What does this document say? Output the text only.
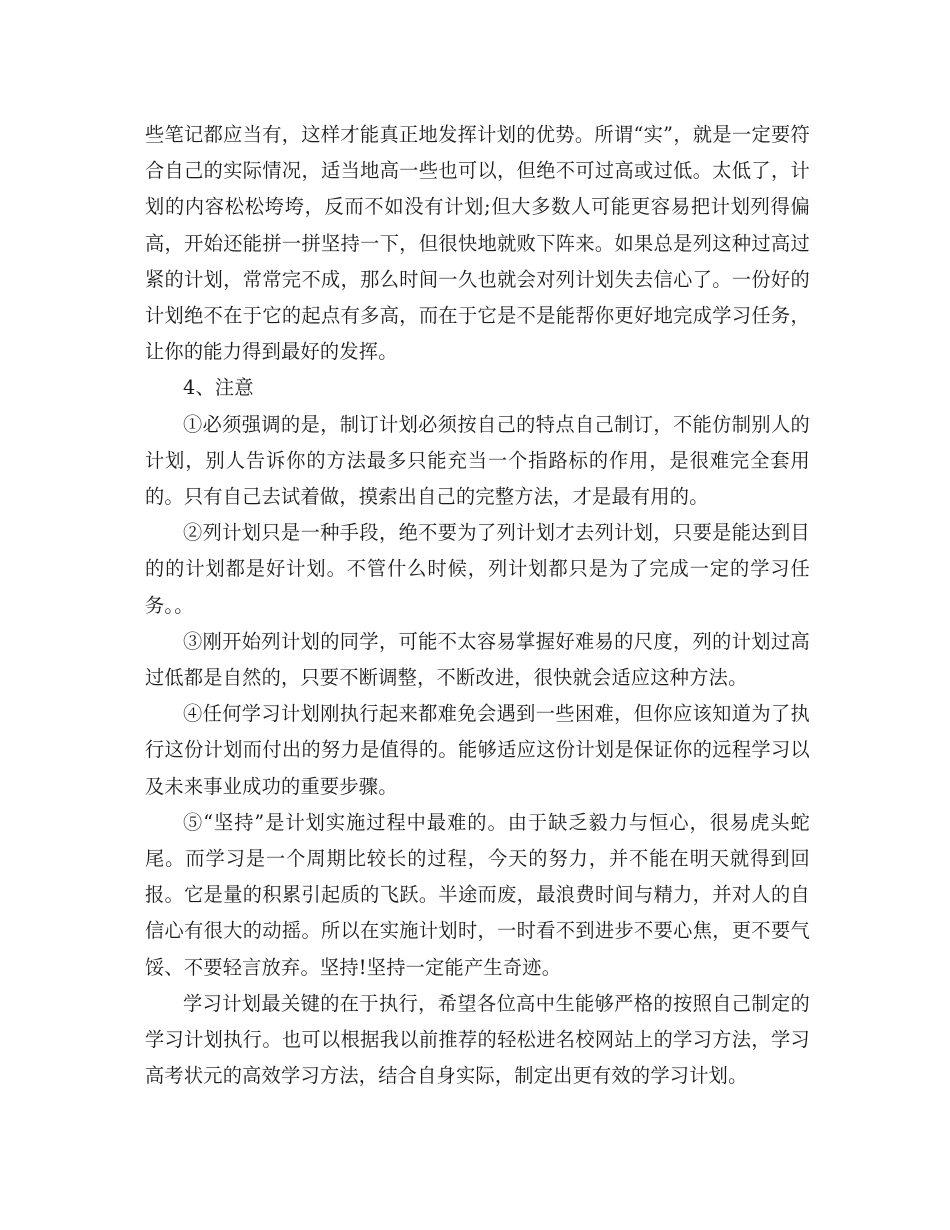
些笔记都应当有，这样才能真正地发挥计划的优势。所谓“实”，就是一定要符合自己的实际情况，适当地高一些也可以，但绝不可过高或过低。太低了，计划的内容松松垮垮，反而不如没有计划;但大多数人可能更容易把计划列得偏高，开始还能拼一拼坚持一下，但很快地就败下阵来。如果总是列这种过高过紧的计划，常常完不成，那么时间一久也就会对列计划失去信心了。一份好的计划绝不在于它的起点有多高，而在于它是不是能帮你更好地完成学习任务，让你的能力得到最好的发挥。

4、注意

①必须强调的是，制订计划必须按自己的特点自己制订，不能仿制别人的计划，别人告诉你的方法最多只能充当一个指路标的作用，是很难完全套用的。只有自己去试着做，摸索出自己的完整方法，才是最有用的。

②列计划只是一种手段，绝不要为了列计划才去列计划，只要是能达到目的的计划都是好计划。不管什么时候，列计划都只是为了完成一定的学习任务。。

③刚开始列计划的同学，可能不太容易掌握好难易的尺度，列的计划过高过低都是自然的，只要不断调整，不断改进，很快就会适应这种方法。

④任何学习计划刚执行起来都难免会遇到一些困难，但你应该知道为了执行这份计划而付出的努力是值得的。能够适应这份计划是保证你的远程学习以及未来事业成功的重要步骤。

⑤“坚持”是计划实施过程中最难的。由于缺乏毅力与恒心，很易虎头蛇尾。而学习是一个周期比较长的过程，今天的努力，并不能在明天就得到回报。它是量的积累引起质的飞跃。半途而废，最浪费时间与精力，并对人的自信心有很大的动摇。所以在实施计划时，一时看不到进步不要心焦，更不要气馁、不要轻言放弃。坚持!坚持一定能产生奇迹。

学习计划最关键的在于执行，希望各位高中生能够严格的按照自己制定的学习计划执行。也可以根据我以前推荐的轻松进名校网站上的学习方法，学习高考状元的高效学习方法，结合自身实际，制定出更有效的学习计划。
